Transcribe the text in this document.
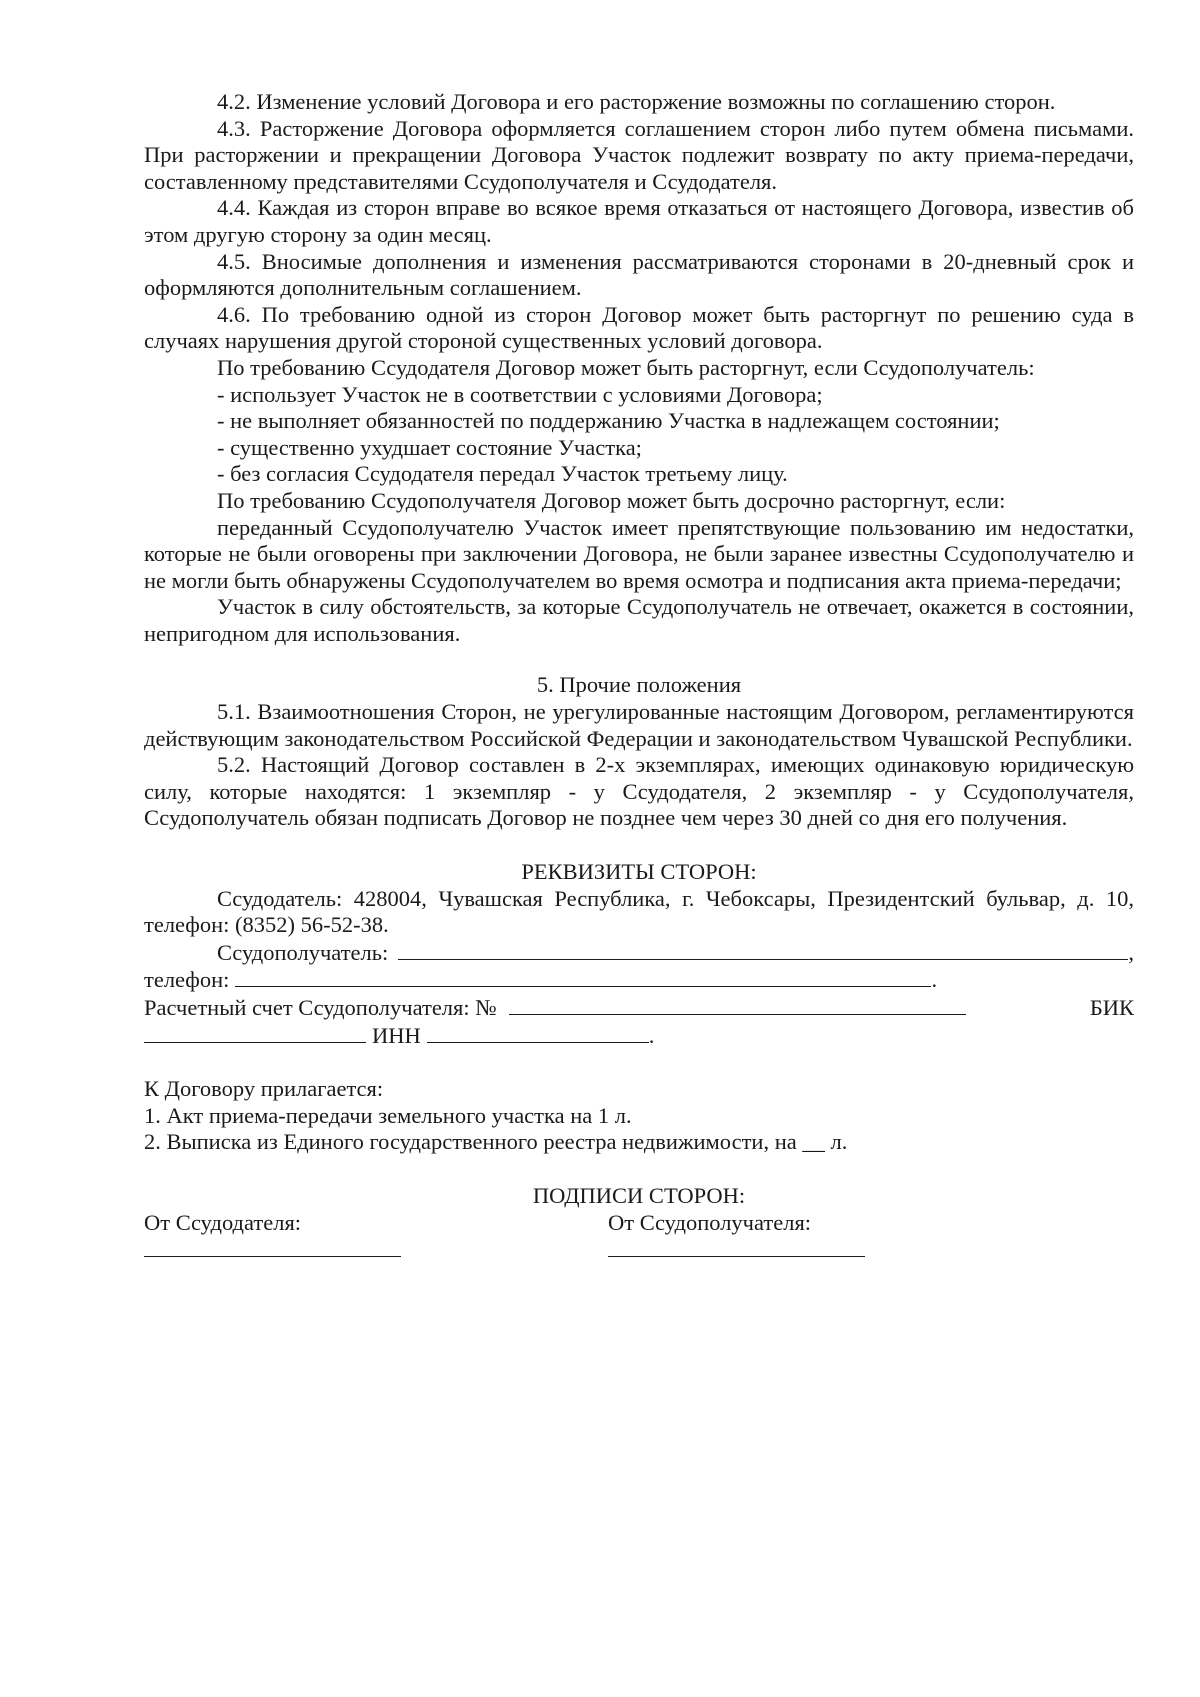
4.2. Изменение условий Договора и его расторжение возможны по соглашению сторон.

4.3. Расторжение Договора оформляется соглашением сторон либо путем обмена письмами. При расторжении и прекращении Договора Участок подлежит возврату по акту приема-передачи, составленному представителями Ссудополучателя и Ссудодателя.

4.4. Каждая из сторон вправе во всякое время отказаться от настоящего Договора, известив об этом другую сторону за один месяц.

4.5. Вносимые дополнения и изменения рассматриваются сторонами в 20-дневный срок и оформляются дополнительным соглашением.

4.6. По требованию одной из сторон Договор может быть расторгнут по решению суда в случаях нарушения другой стороной существенных условий договора.

По требованию Ссудодателя Договор может быть расторгнут, если Ссудополучатель:

- использует Участок не в соответствии с условиями Договора;

- не выполняет обязанностей по поддержанию Участка в надлежащем состоянии;

- существенно ухудшает состояние Участка;

- без согласия Ссудодателя передал Участок третьему лицу.

По требованию Ссудополучателя Договор может быть досрочно расторгнут, если:

переданный Ссудополучателю Участок имеет препятствующие пользованию им недостатки, которые не были оговорены при заключении Договора, не были заранее известны Ссудополучателю и не могли быть обнаружены Ссудополучателем во время осмотра и подписания акта приема-передачи;

Участок в силу обстоятельств, за которые Ссудополучатель не отвечает, окажется в состоянии, непригодном для использования.

5. Прочие положения

5.1. Взаимоотношения Сторон, не урегулированные настоящим Договором, регламентируются действующим законодательством Российской Федерации и законодательством Чувашской Республики.

5.2. Настоящий Договор составлен в 2-х экземплярах, имеющих одинаковую юридическую силу, которые находятся: 1 экземпляр - у Ссудодателя, 2 экземпляр - у Ссудополучателя, Ссудополучатель обязан подписать Договор не позднее чем через 30 дней со дня его получения.

РЕКВИЗИТЫ СТОРОН:

Ссудодатель: 428004, Чувашская Республика, г. Чебоксары, Президентский бульвар, д. 10, телефон: (8352) 56-52-38.

Ссудополучатель:	,
телефон:	.
Расчетный счет Ссудополучателя: №	БИК
ИНН	.

К Договору прилагается:

1. Акт приема-передачи земельного участка на 1 л.

2. Выписка из Единого государственного реестра недвижимости, на __ л.

ПОДПИСИ СТОРОН:

От Ссудодателя:	От Ссудополучателя:
